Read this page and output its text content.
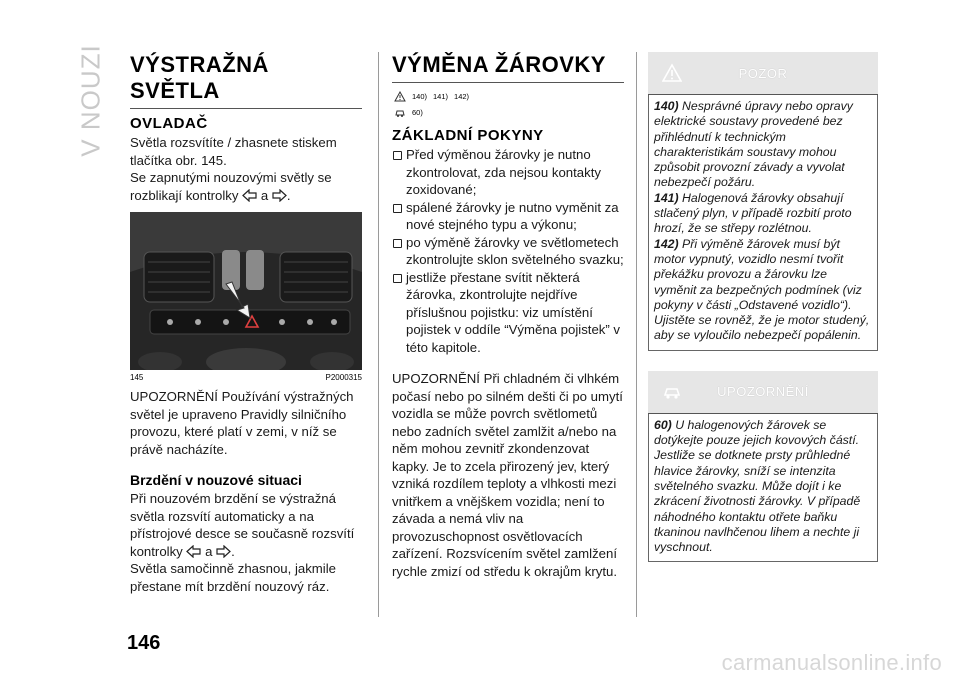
V NOUZI VÝSTRAŽNÁ SVĚTLA
OVLADAČ

Světla rozsvítíte / zhasnete stiskem tlačítka obr. 145.

Se zapnutými nouzovými světly se rozblikají kontrolky a .

145	P2000315

UPOZORNĚNÍ Používání výstražných světel je upraveno Pravidly silničního provozu, které platí v zemi, v níž se právě nacházíte.

Brzdění v nouzové situaci

Při nouzovém brzdění se výstražná světla rozsvítí automaticky a na přístrojové desce se současně rozsvítí kontrolky a .

Světla samočinně zhasnou, jakmile přestane mít brzdění nouzový ráz.

VÝMĚNA ŽÁROVKY
140) 141) 142)
60)
ZÁKLADNÍ POKYNY

Před výměnou žárovky je nutno zkontrolovat, zda nejsou kontakty zoxidované;

spálené žárovky je nutno vyměnit za nové stejného typu a výkonu;

po výměně žárovky ve světlometech zkontrolujte sklon světelného svazku;

jestliže přestane svítit některá žárovka, zkontrolujte nejdříve příslušnou pojistku: viz umístění pojistek v oddíle “Výměna pojistek” v této kapitole.

UPOZORNĚNÍ Při chladném či vlhkém počasí nebo po silném dešti či po umytí vozidla se může povrch světlometů nebo zadních světel zamlžit a/nebo na něm mohou zevnitř zkondenzovat kapky. Je to zcela přirozený jev, který vzniká rozdílem teploty a vlhkosti mezi vnitřkem a vnějškem vozidla; není to závada a nemá vliv na provozuschopnost osvětlovacích zařízení. Rozsvícením světel zamlžení rychle zmizí od středu k okrajům krytu.

POZOR

140) Nesprávné úpravy nebo opravy elektrické soustavy provedené bez přihlédnutí k technickým charakteristikám soustavy mohou způsobit provozní závady a vyvolat nebezpečí požáru.

141) Halogenová žárovky obsahují stlačený plyn, v případě rozbití proto hrozí, že se střepy rozlétnou.

142) Při výměně žárovek musí být motor vypnutý, vozidlo nesmí tvořit překážku provozu a žárovku lze vyměnit za bezpečných podmínek (viz pokyny v části „Odstavené vozidlo“). Ujistěte se rovněž, že je motor studený, aby se vyloučilo nebezpečí popálenin.

UPOZORNĚNÍ

60) U halogenových žárovek se dotýkejte pouze jejich kovových částí. Jestliže se dotknete prsty průhledné hlavice žárovky, sníží se intenzita světelného svazku. Může dojít i ke zkrácení životnosti žárovky. V případě náhodného kontaktu otřete baňku tkaninou navlhčenou lihem a nechte ji vyschnout.

146
carmanualsonline.info
